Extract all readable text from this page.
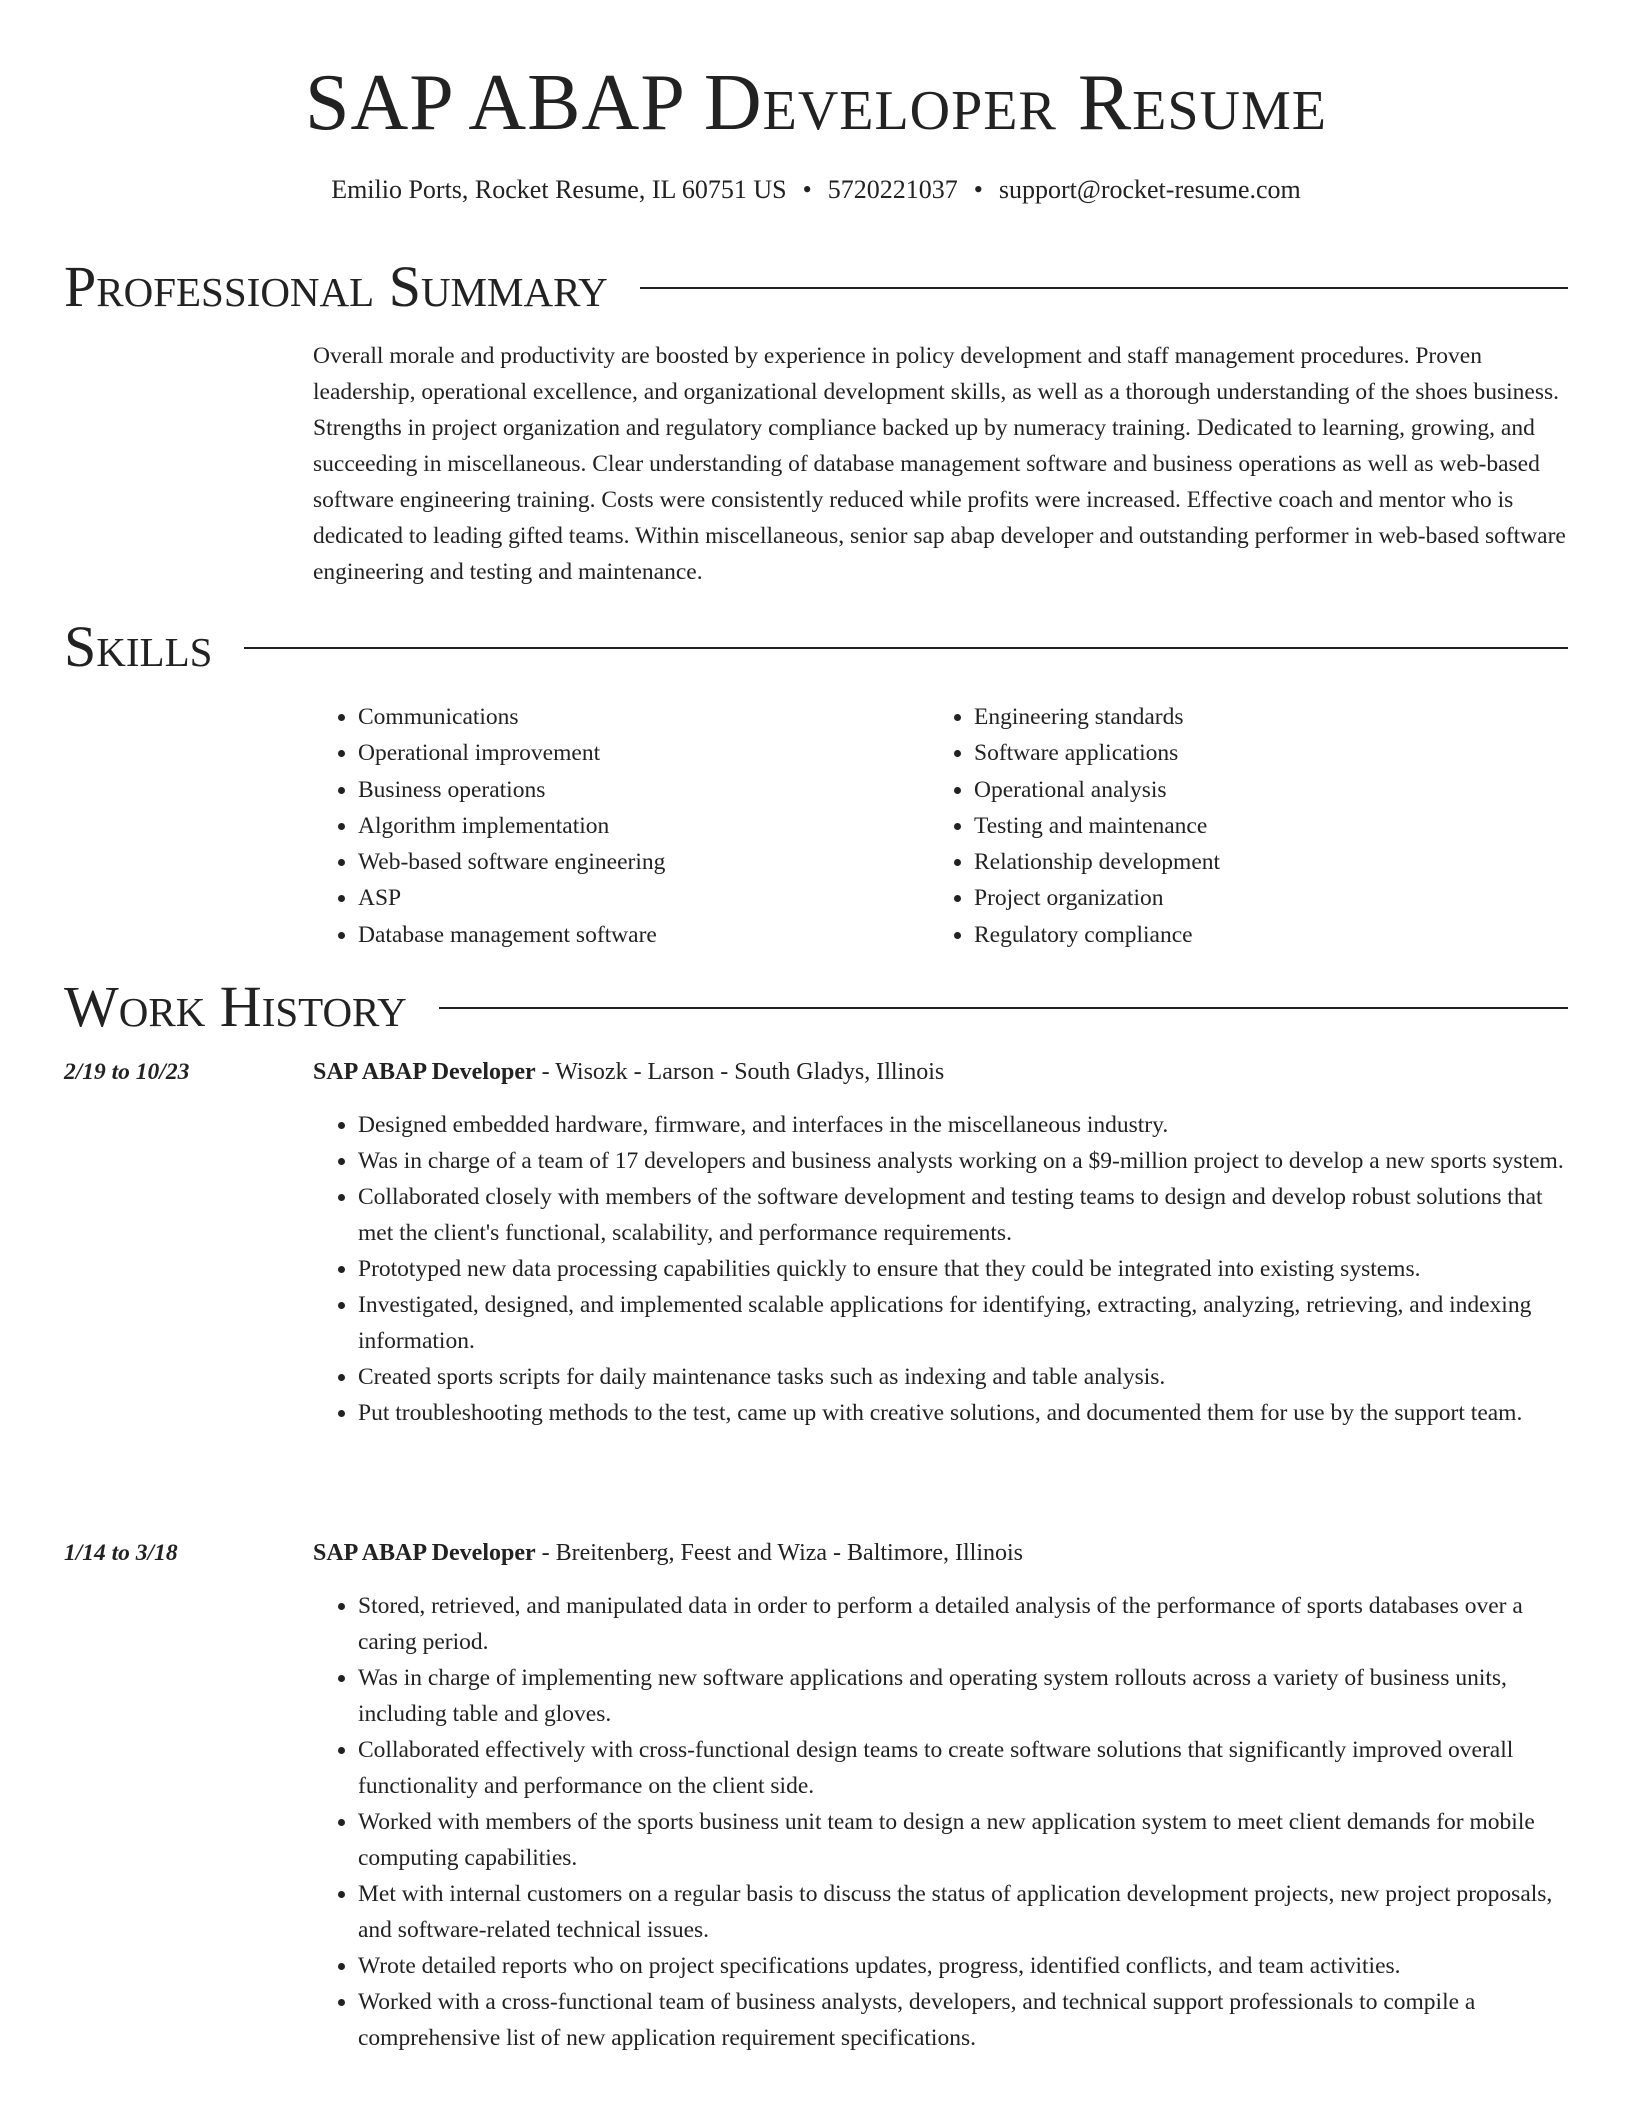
SAP ABAP Developer Resume
Emilio Ports, Rocket Resume, IL 60751 US • 5720221037 • support@rocket-resume.com
Professional Summary

Overall morale and productivity are boosted by experience in policy development and staff management procedures. Proven leadership, operational excellence, and organizational development skills, as well as a thorough understanding of the shoes business. Strengths in project organization and regulatory compliance backed up by numeracy training. Dedicated to learning, growing, and succeeding in miscellaneous. Clear understanding of database management software and business operations as well as web-based software engineering training. Costs were consistently reduced while profits were increased. Effective coach and mentor who is dedicated to leading gifted teams. Within miscellaneous, senior sap abap developer and outstanding performer in web-based software engineering and testing and maintenance.

Skills
• Communications
• Operational improvement
• Business operations
• Algorithm implementation
• Web-based software engineering
• ASP
• Database management software
• Engineering standards
• Software applications
• Operational analysis
• Testing and maintenance
• Relationship development
• Project organization
• Regulatory compliance
Work History
2/19 to 10/23	SAP ABAP Developer - Wisozk - Larson - South Gladys, Illinois
• Designed embedded hardware, firmware, and interfaces in the miscellaneous industry.
• Was in charge of a team of 17 developers and business analysts working on a $9-million project to develop a new sports system.
• Collaborated closely with members of the software development and testing teams to design and develop robust solutions that met the client's functional, scalability, and performance requirements.
• Prototyped new data processing capabilities quickly to ensure that they could be integrated into existing systems.
• Investigated, designed, and implemented scalable applications for identifying, extracting, analyzing, retrieving, and indexing information.
• Created sports scripts for daily maintenance tasks such as indexing and table analysis.
• Put troubleshooting methods to the test, came up with creative solutions, and documented them for use by the support team.
1/14 to 3/18	SAP ABAP Developer - Breitenberg, Feest and Wiza - Baltimore, Illinois
• Stored, retrieved, and manipulated data in order to perform a detailed analysis of the performance of sports databases over a caring period.
• Was in charge of implementing new software applications and operating system rollouts across a variety of business units, including table and gloves.
• Collaborated effectively with cross-functional design teams to create software solutions that significantly improved overall functionality and performance on the client side.
• Worked with members of the sports business unit team to design a new application system to meet client demands for mobile computing capabilities.
• Met with internal customers on a regular basis to discuss the status of application development projects, new project proposals, and software-related technical issues.
• Wrote detailed reports who on project specifications updates, progress, identified conflicts, and team activities.
• Worked with a cross-functional team of business analysts, developers, and technical support professionals to compile a comprehensive list of new application requirement specifications.
